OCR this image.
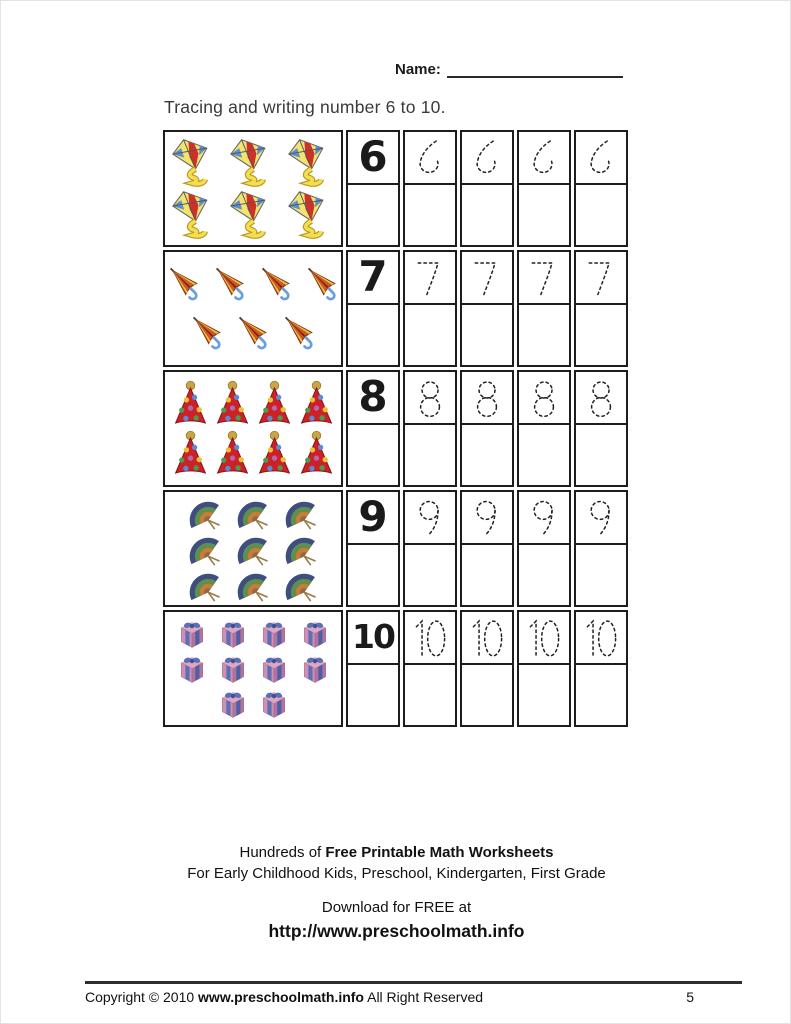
Name:
Tracing and writing number 6 to 10.
6
7
8
9
10
Hundreds of Free Printable Math Worksheets
For Early Childhood Kids, Preschool, Kindergarten, First Grade
Download for FREE at
http://www.preschoolmath.info
Copyright © 2010 www.preschoolmath.info All Right Reserved	5
